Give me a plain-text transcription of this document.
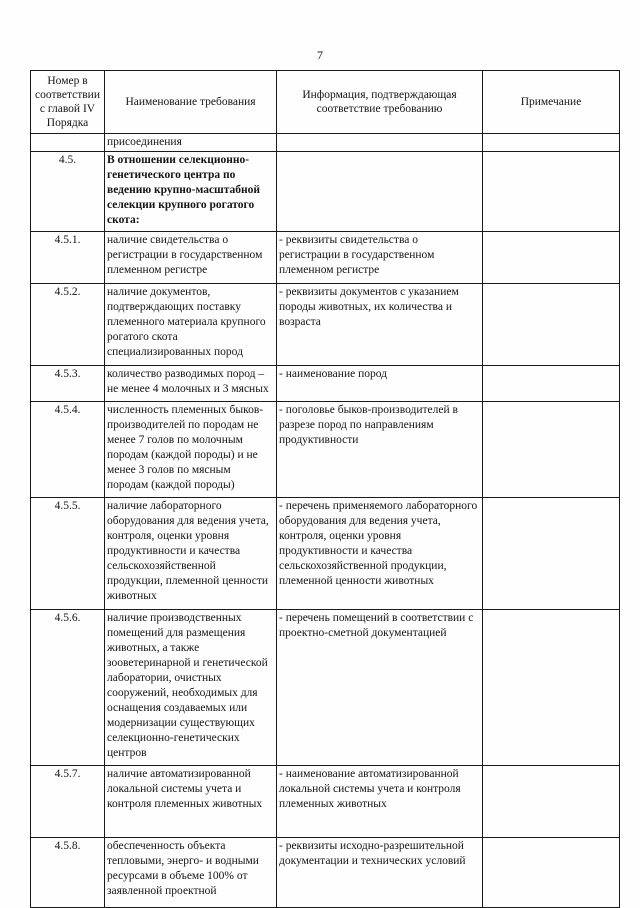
7
Номер в соответствии с главой IV Порядка	Наименование требования	Информация, подтверждающая соответствие требованию	Примечание
	присоединения		
4.5.	В отношении селекционно-генетического центра по ведению крупно-масштабной селекции крупного рогатого скота:		
4.5.1.	наличие свидетельства о регистрации в государственном племенном регистре	- реквизиты свидетельства о регистрации в государственном племенном регистре	
4.5.2.	наличие документов, подтверждающих поставку племенного материала крупного рогатого скота специализированных пород	- реквизиты документов с указанием породы животных, их количества и возраста	
4.5.3.	количество разводимых пород – не менее 4 молочных и 3 мясных	- наименование пород	
4.5.4.	численность племенных быков-производителей по породам не менее 7 голов по молочным породам (каждой породы) и не менее 3 голов по мясным породам (каждой породы)	- поголовье быков-производителей в разрезе пород по направлениям продуктивности	
4.5.5.	наличие лабораторного оборудования для ведения учета, контроля, оценки уровня продуктивности и качества сельскохозяйственной продукции, племенной ценности животных	- перечень применяемого лабораторного оборудования для ведения учета, контроля, оценки уровня продуктивности и качества сельскохозяйственной продукции, племенной ценности животных	
4.5.6.	наличие производственных помещений для размещения животных, а также зооветеринарной и генетической лаборатории, очистных сооружений, необходимых для оснащения создаваемых или модернизации существующих селекционно-генетических центров	- перечень помещений в соответствии с проектно-сметной документацией	
4.5.7.	наличие автоматизированной локальной системы учета и контроля племенных животных	- наименование автоматизированной локальной системы учета и контроля племенных животных	
4.5.8.	обеспеченность объекта тепловыми, энерго- и водными ресурсами в объеме 100% от заявленной проектной	- реквизиты исходно-разрешительной документации и технических условий	
